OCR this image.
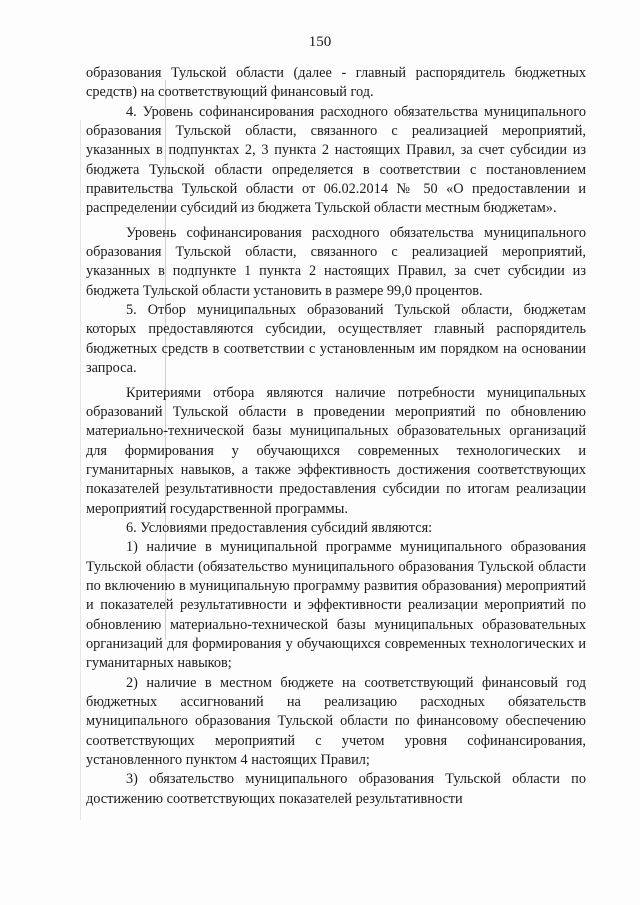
150

образования Тульской области (далее - главный распорядитель бюджетных средств) на соответствующий финансовый год.

4. Уровень софинансирования расходного обязательства муниципального образования Тульской области, связанного с реализацией мероприятий, указанных в подпунктах 2, 3 пункта 2 настоящих Правил, за счет субсидии из бюджета Тульской области определяется в соответствии с постановлением правительства Тульской области от 06.02.2014 № 50 «О предоставлении и распределении субсидий из бюджета Тульской области местным бюджетам».

Уровень софинансирования расходного обязательства муниципального образования Тульской области, связанного с реализацией мероприятий, указанных в подпункте 1 пункта 2 настоящих Правил, за счет субсидии из бюджета Тульской области установить в размере 99,0 процентов.

5. Отбор муниципальных образований Тульской области, бюджетам которых предоставляются субсидии, осуществляет главный распорядитель бюджетных средств в соответствии с установленным им порядком на основании запроса.

Критериями отбора являются наличие потребности муниципальных образований Тульской области в проведении мероприятий по обновлению материально-технической базы муниципальных образовательных организаций для формирования у обучающихся современных технологических и гуманитарных навыков, а также эффективность достижения соответствующих показателей результативности предоставления субсидии по итогам реализации мероприятий государственной программы.

6. Условиями предоставления субсидий являются:

1) наличие в муниципальной программе муниципального образования Тульской области (обязательство муниципального образования Тульской области по включению в муниципальную программу развития образования) мероприятий и показателей результативности и эффективности реализации мероприятий по обновлению материально-технической базы муниципальных образовательных организаций для формирования у обучающихся современных технологических и гуманитарных навыков;

2) наличие в местном бюджете на соответствующий финансовый год бюджетных ассигнований на реализацию расходных обязательств муниципального образования Тульской области по финансовому обеспечению соответствующих мероприятий с учетом уровня софинансирования, установленного пунктом 4 настоящих Правил;

3) обязательство муниципального образования Тульской области по достижению соответствующих показателей результативности
